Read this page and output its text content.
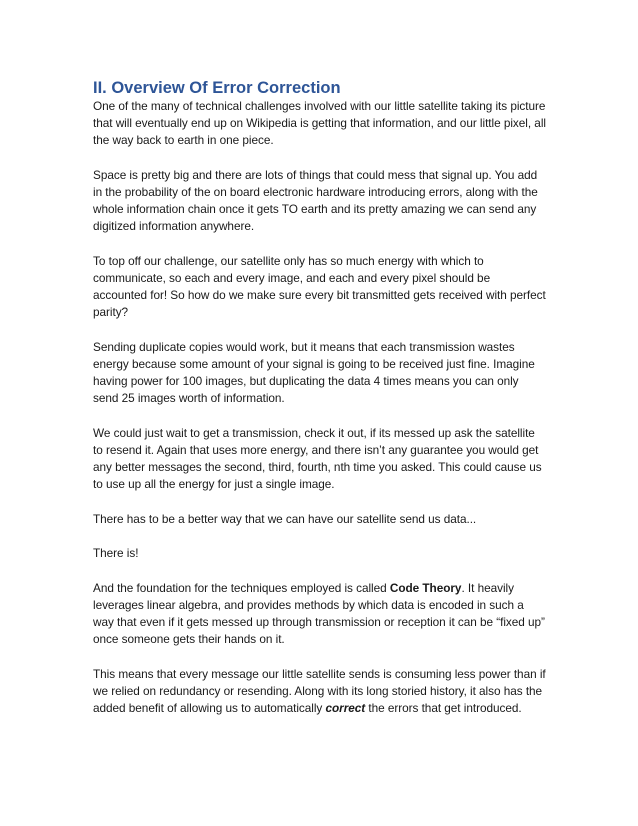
II. Overview Of Error Correction

One of the many of technical challenges involved with our little satellite taking its picture that will eventually end up on Wikipedia is getting that information, and our little pixel, all the way back to earth in one piece.

Space is pretty big and there are lots of things that could mess that signal up. You add in the probability of the on board electronic hardware introducing errors, along with the whole information chain once it gets TO earth and its pretty amazing we can send any digitized information anywhere.

To top off our challenge, our satellite only has so much energy with which to communicate, so each and every image, and each and every pixel should be accounted for! So how do we make sure every bit transmitted gets received with perfect parity?

Sending duplicate copies would work, but it means that each transmission wastes energy because some amount of your signal is going to be received just fine. Imagine having power for 100 images, but duplicating the data 4 times means you can only send 25 images worth of information.

We could just wait to get a transmission, check it out, if its messed up ask the satellite to resend it. Again that uses more energy, and there isn’t any guarantee you would get any better messages the second, third, fourth, nth time you asked. This could cause us to use up all the energy for just a single image.

There has to be a better way that we can have our satellite send us data...

There is!

And the foundation for the techniques employed is called Code Theory. It heavily leverages linear algebra, and provides methods by which data is encoded in such a way that even if it gets messed up through transmission or reception it can be “fixed up” once someone gets their hands on it.

This means that every message our little satellite sends is consuming less power than if we relied on redundancy or resending. Along with its long storied history, it also has the added benefit of allowing us to automatically correct the errors that get introduced.
